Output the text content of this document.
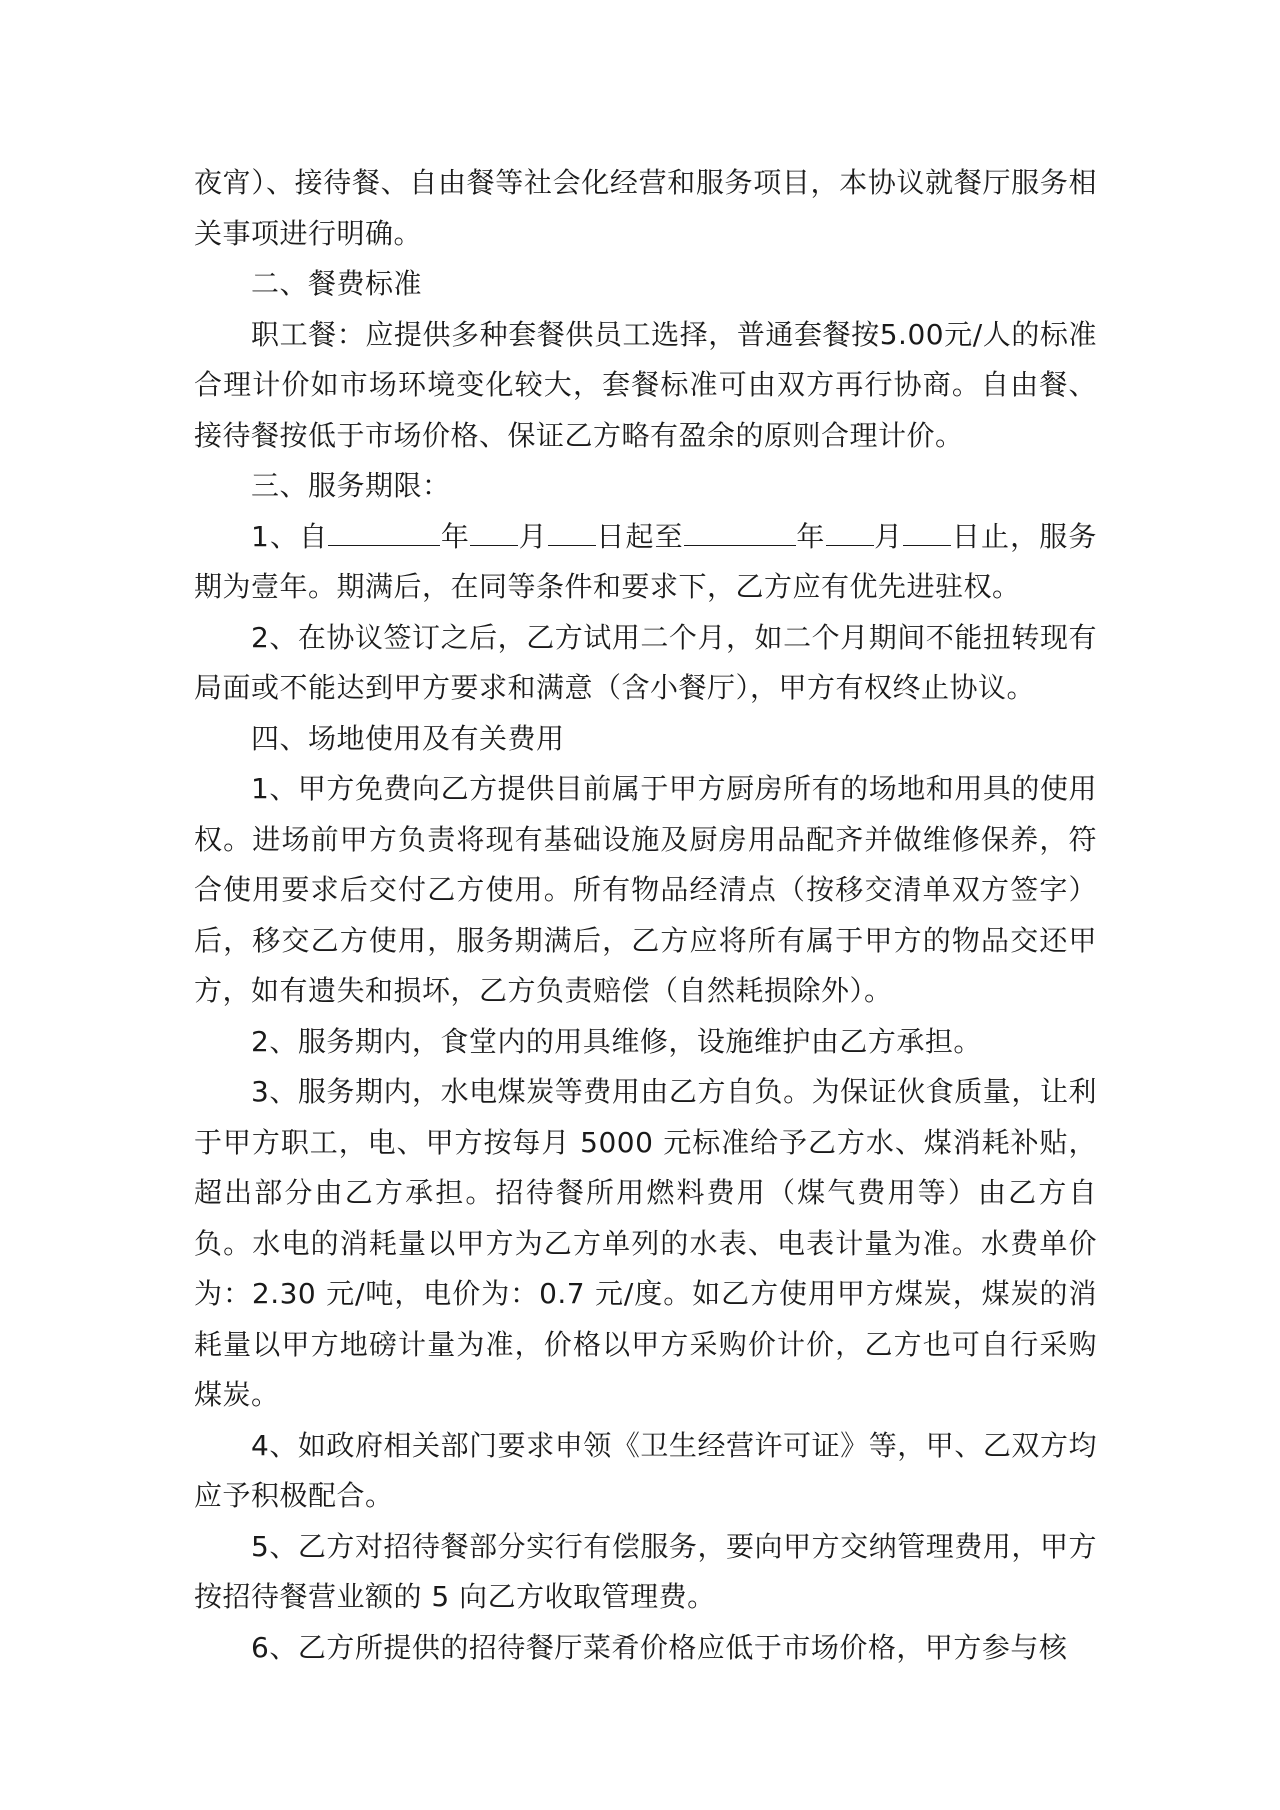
夜宵）、接待餐、自由餐等社会化经营和服务项目，本协议就餐厅服务相关事项进行明确。

二、餐费标准

职工餐：应提供多种套餐供员工选择，普通套餐按5.00元/人的标准合理计价如市场环境变化较大，套餐标准可由双方再行协商。自由餐、接待餐按低于市场价格、保证乙方略有盈余的原则合理计价。

三、服务期限：

1、自	年 月 日起至	年 月 日止，服务期为壹年。期满后，在同等条件和要求下，乙方应有优先进驻权。

2、在协议签订之后，乙方试用二个月，如二个月期间不能扭转现有局面或不能达到甲方要求和满意（含小餐厅），甲方有权终止协议。

四、场地使用及有关费用

1、甲方免费向乙方提供目前属于甲方厨房所有的场地和用具的使用权。进场前甲方负责将现有基础设施及厨房用品配齐并做维修保养，符合使用要求后交付乙方使用。所有物品经清点（按移交清单双方签字）后，移交乙方使用，服务期满后，乙方应将所有属于甲方的物品交还甲方，如有遗失和损坏，乙方负责赔偿（自然耗损除外）。

2、服务期内，食堂内的用具维修，设施维护由乙方承担。

3、服务期内，水电煤炭等费用由乙方自负。为保证伙食质量，让利于甲方职工，电、甲方按每月 5000 元标准给予乙方水、煤消耗补贴，超出部分由乙方承担。招待餐所用燃料费用（煤气费用等）由乙方自负。水电的消耗量以甲方为乙方单列的水表、电表计量为准。水费单价为：2.30 元/吨，电价为：0.7 元/度。如乙方使用甲方煤炭，煤炭的消耗量以甲方地磅计量为准，价格以甲方采购价计价，乙方也可自行采购煤炭。

4、如政府相关部门要求申领《卫生经营许可证》等，甲、乙双方均应予积极配合。

5、乙方对招待餐部分实行有偿服务，要向甲方交纳管理费用，甲方按招待餐营业额的 5 向乙方收取管理费。

6、乙方所提供的招待餐厅菜肴价格应低于市场价格，甲方参与核
